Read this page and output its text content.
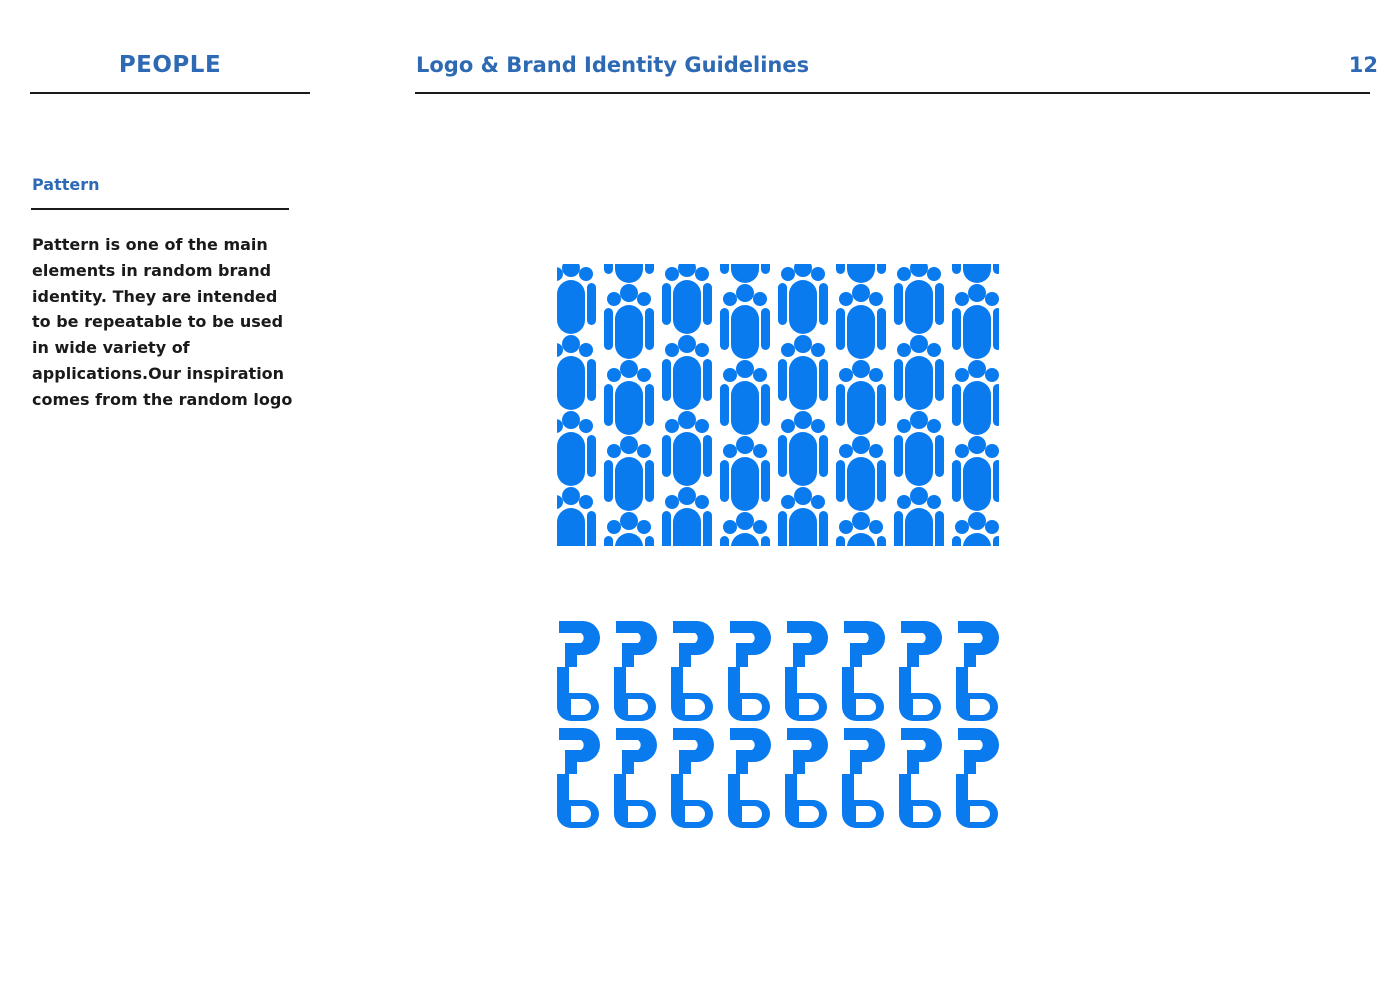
PEOPLE	Logo & Brand Identity Guidelines	12
Pattern
Pattern is one of the main
elements in random brand
identity. They are intended
to be repeatable to be used
in wide variety of
applications.Our inspiration
comes from the random logo
